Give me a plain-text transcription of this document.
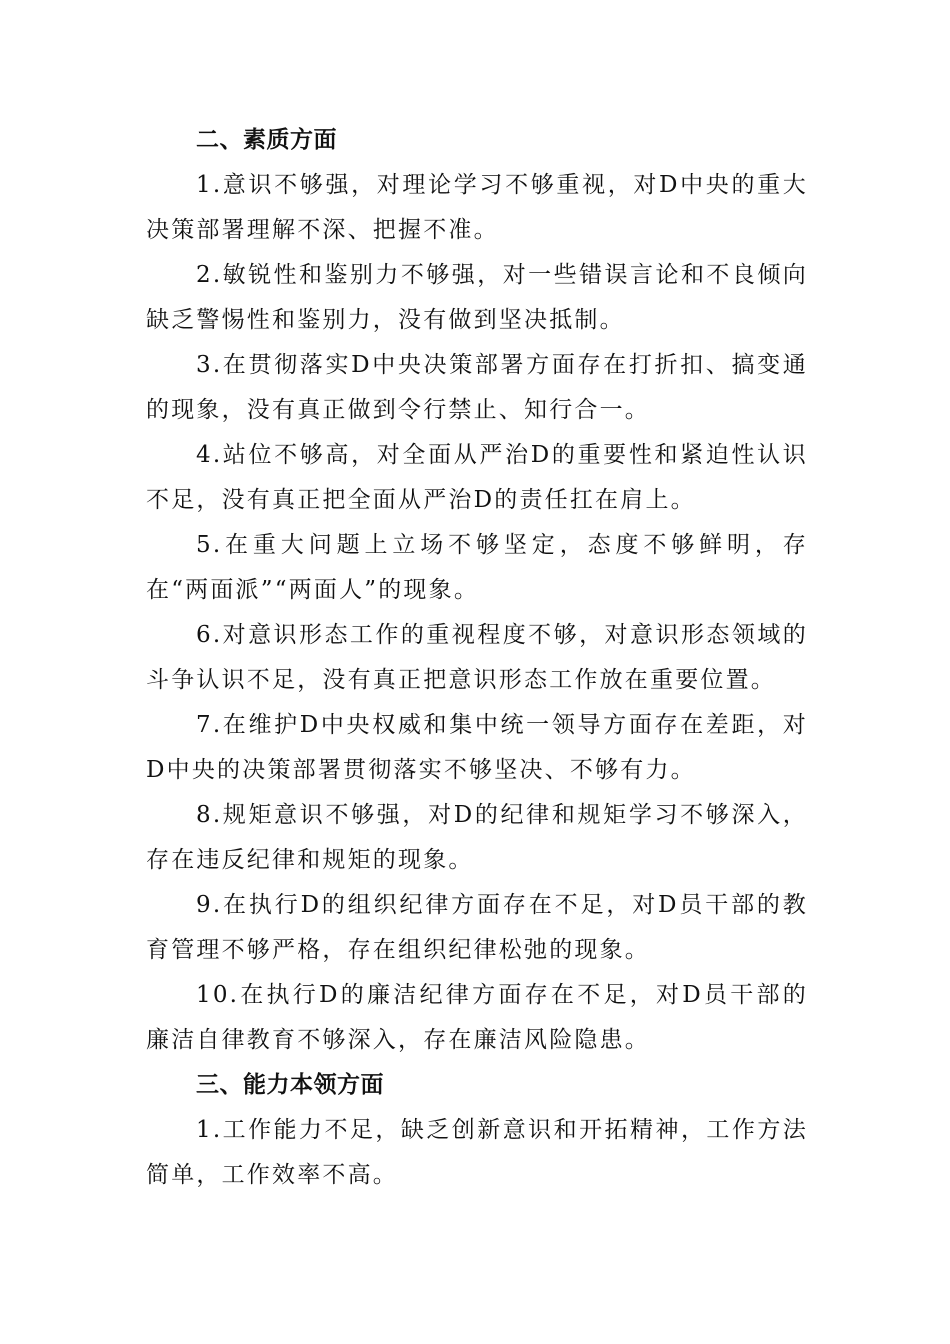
二、素质方面

1.意识不够强，对理论学习不够重视，对D中央的重大决策部署理解不深、把握不准。

2.敏锐性和鉴别力不够强，对一些错误言论和不良倾向缺乏警惕性和鉴别力，没有做到坚决抵制。

3.在贯彻落实D中央决策部署方面存在打折扣、搞变通的现象，没有真正做到令行禁止、知行合一。

4.站位不够高，对全面从严治D的重要性和紧迫性认识不足，没有真正把全面从严治D的责任扛在肩上。

5.在重大问题上立场不够坚定，态度不够鲜明，存在“两面派”“两面人”的现象。

6.对意识形态工作的重视程度不够，对意识形态领域的斗争认识不足，没有真正把意识形态工作放在重要位置。

7.在维护D中央权威和集中统一领导方面存在差距，对D中央的决策部署贯彻落实不够坚决、不够有力。

8.规矩意识不够强，对D的纪律和规矩学习不够深入，存在违反纪律和规矩的现象。

9.在执行D的组织纪律方面存在不足，对D员干部的教育管理不够严格，存在组织纪律松弛的现象。

10.在执行D的廉洁纪律方面存在不足，对D员干部的廉洁自律教育不够深入，存在廉洁风险隐患。

三、能力本领方面

1.工作能力不足，缺乏创新意识和开拓精神，工作方法简单，工作效率不高。
